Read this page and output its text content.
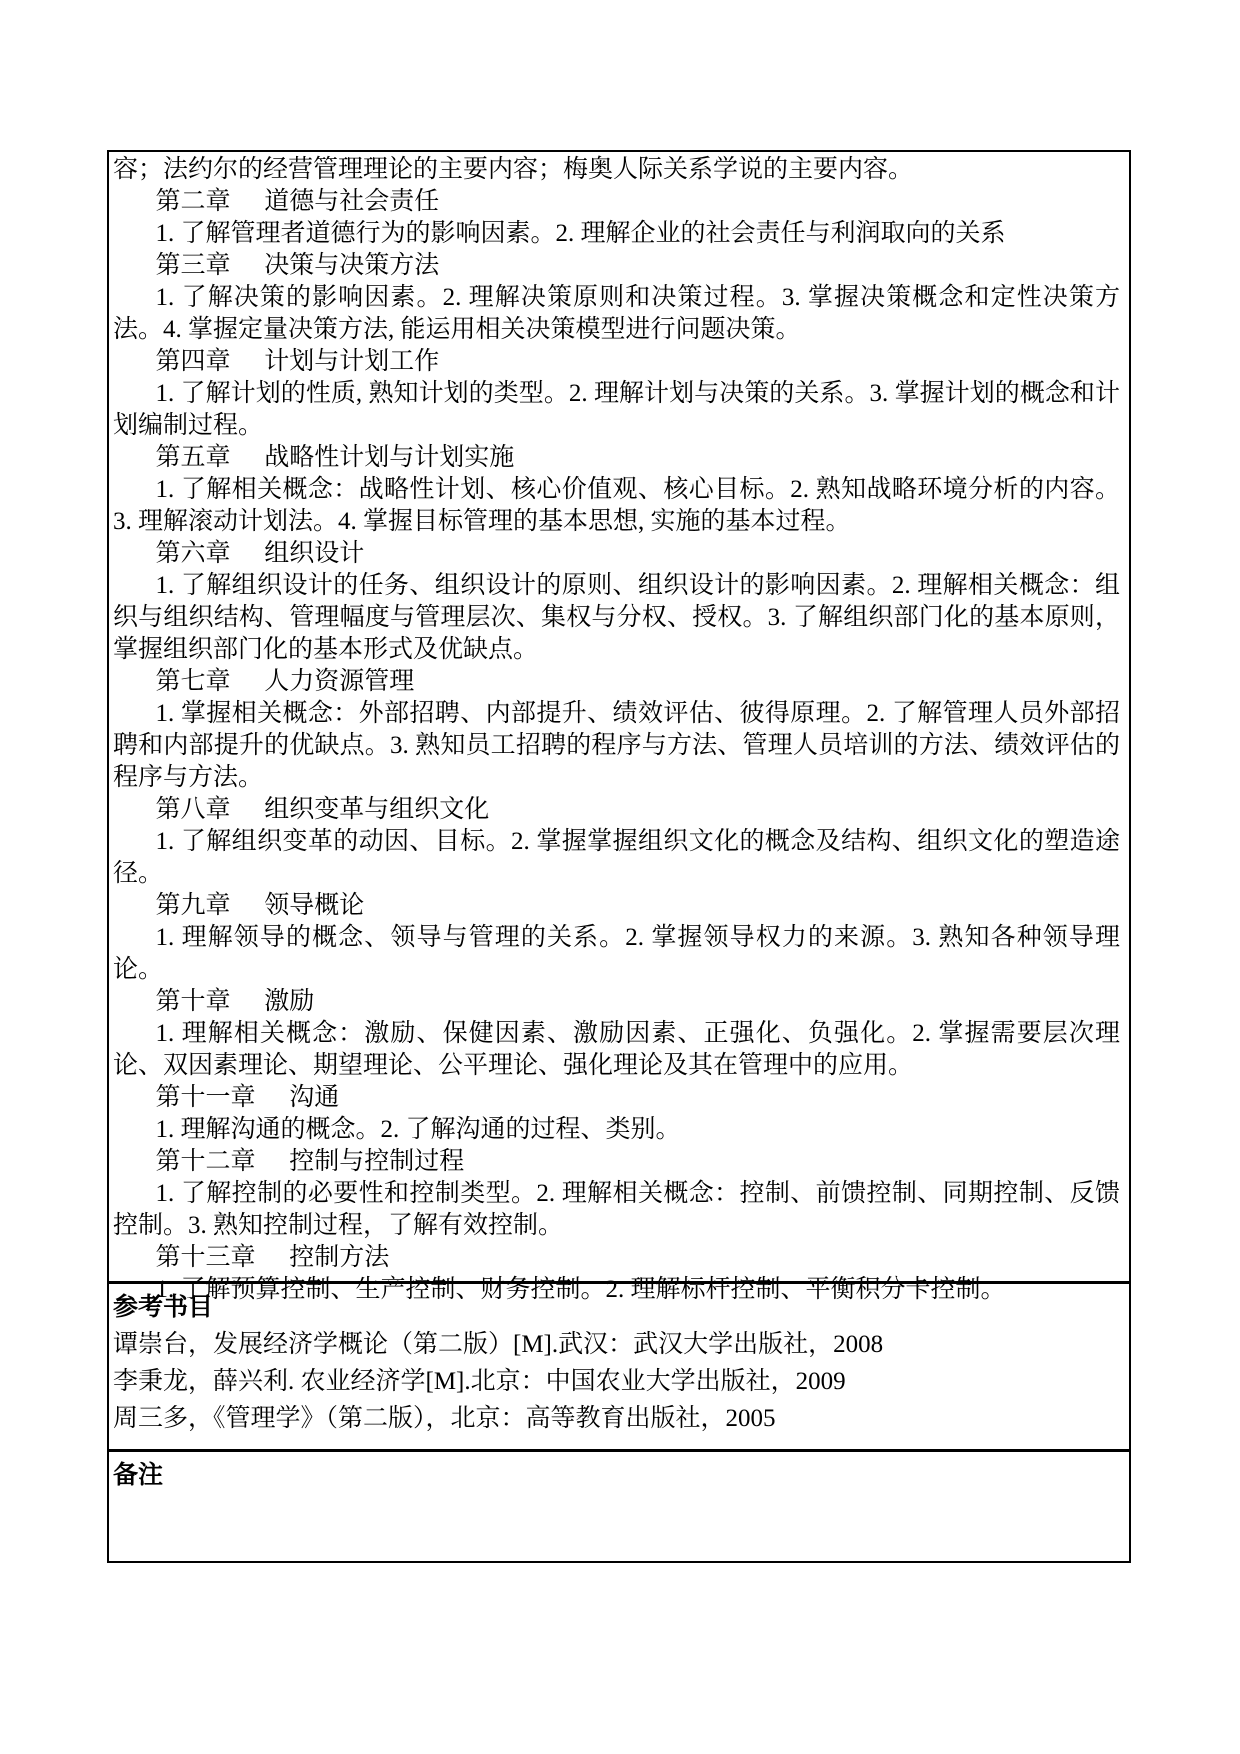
容；法约尔的经营管理理论的主要内容；梅奥人际关系学说的主要内容。

第二章 道德与社会责任

1. 了解管理者道德行为的影响因素。2. 理解企业的社会责任与利润取向的关系

第三章 决策与决策方法

1. 了解决策的影响因素。2. 理解决策原则和决策过程。3. 掌握决策概念和定性决策方法。4. 掌握定量决策方法, 能运用相关决策模型进行问题决策。

第四章 计划与计划工作

1. 了解计划的性质, 熟知计划的类型。2. 理解计划与决策的关系。3. 掌握计划的概念和计划编制过程。

第五章 战略性计划与计划实施

1. 了解相关概念：战略性计划、核心价值观、核心目标。2. 熟知战略环境分析的内容。3. 理解滚动计划法。4. 掌握目标管理的基本思想, 实施的基本过程。

第六章 组织设计

1. 了解组织设计的任务、组织设计的原则、组织设计的影响因素。2. 理解相关概念：组织与组织结构、管理幅度与管理层次、集权与分权、授权。3. 了解组织部门化的基本原则，掌握组织部门化的基本形式及优缺点。

第七章 人力资源管理

1. 掌握相关概念：外部招聘、内部提升、绩效评估、彼得原理。2. 了解管理人员外部招聘和内部提升的优缺点。3. 熟知员工招聘的程序与方法、管理人员培训的方法、绩效评估的程序与方法。

第八章 组织变革与组织文化

1. 了解组织变革的动因、目标。2. 掌握掌握组织文化的概念及结构、组织文化的塑造途径。

第九章 领导概论

1. 理解领导的概念、领导与管理的关系。2. 掌握领导权力的来源。3. 熟知各种领导理论。

第十章 激励

1. 理解相关概念：激励、保健因素、激励因素、正强化、负强化。2. 掌握需要层次理论、双因素理论、期望理论、公平理论、强化理论及其在管理中的应用。

第十一章 沟通

1. 理解沟通的概念。2. 了解沟通的过程、类别。

第十二章 控制与控制过程

1. 了解控制的必要性和控制类型。2. 理解相关概念：控制、前馈控制、同期控制、反馈控制。3. 熟知控制过程，了解有效控制。

第十三章 控制方法

1. 了解预算控制、生产控制、财务控制。2. 理解标杆控制、平衡积分卡控制。

参考书目

谭崇台，发展经济学概论（第二版）[M].武汉：武汉大学出版社，2008

李秉龙，薛兴利. 农业经济学[M].北京：中国农业大学出版社，2009

周三多，《管理学》（第二版），北京：高等教育出版社，2005

备注
